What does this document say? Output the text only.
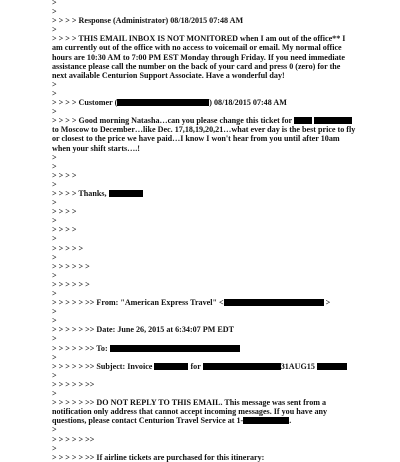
>
>
> > > > Response (Administrator) 08/18/2015 07:48 AM
>
> > > > THIS EMAIL INBOX IS NOT MONITORED when I am out of the office** I
am currently out of the office with no access to voicemail or email. My normal office
hours are 10:30 AM to 7:00 PM EST Monday through Friday. If you need immediate
assistance please call the number on the back of your card and press 0 (zero) for the
next available Centurion Support Associate. Have a wonderful day!
>
>
> > > > Customer (	) 08/18/2015 07:48 AM
>
> > > > Good morning Natasha…can you please change this ticket for
to Moscow to December…like Dec. 17,18,19,20,21…what ever day is the best price to fly
or closest to the price we have paid…I know I won't hear from you until after 10am
when your shift starts….!
>
>
> > > >
>
> > > > Thanks,
>
> > > >
>
> > > >
>
> > > > >
>
> > > > > >
>
> > > > > >
>
> > > > > >> From: "American Express Travel" <	>
>
>
> > > > > >> Date: June 26, 2015 at 6:34:07 PM EDT
>
> > > > > >> To:
>
> > > > > >> Subject: Invoice	for	31AUG15
>
> > > > > >>
>
> > > > > >> DO NOT REPLY TO THIS EMAIL. This message was sent from a
notification only address that cannot accept incoming messages. If you have any
questions, please contact Centurion Travel Service at 1-	.
>
> > > > > >>
>
> > > > > >> If airline tickets are purchased for this itinerary:
